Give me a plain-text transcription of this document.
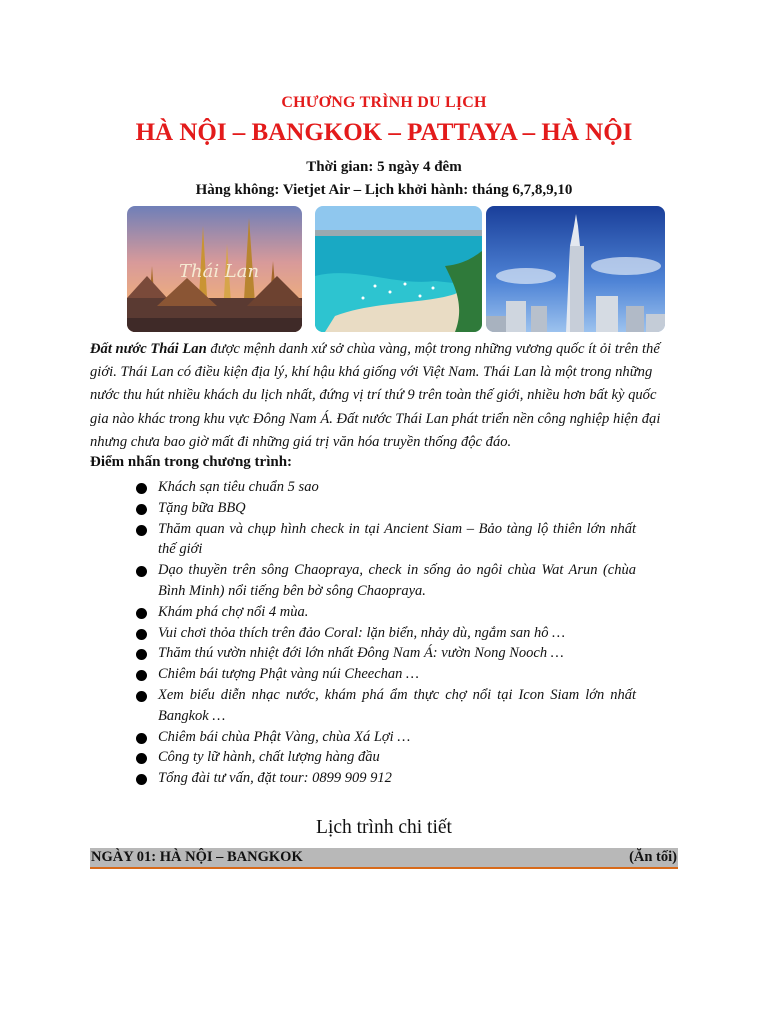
CHƯƠNG TRÌNH DU LỊCH
HÀ NỘI – BANGKOK – PATTAYA – HÀ NỘI
Thời gian: 5 ngày 4 đêm
Hàng không: Vietjet Air – Lịch khởi hành: tháng 6,7,8,9,10
Thái Lan
Đất nước Thái Lan được mệnh danh xứ sở chùa vàng, một trong những vương quốc ít ỏi trên thế giới. Thái Lan có điều kiện địa lý, khí hậu khá giống với Việt Nam. Thái Lan là một trong những nước thu hút nhiều khách du lịch nhất, đứng vị trí thứ 9 trên toàn thế giới, nhiều hơn bất kỳ quốc gia nào khác trong khu vực Đông Nam Á. Đất nước Thái Lan phát triển nền công nghiệp hiện đại nhưng chưa bao giờ mất đi những giá trị văn hóa truyền thống độc đáo.
Điểm nhấn trong chương trình:
Khách sạn tiêu chuẩn 5 sao
Tặng bữa BBQ
Thăm quan và chụp hình check in tại Ancient Siam – Bảo tàng lộ thiên lớn nhất thế giới
Dạo thuyền trên sông Chaopraya, check in sống ảo ngôi chùa Wat Arun (chùa Bình Minh) nổi tiếng bên bờ sông Chaopraya.
Khám phá chợ nổi 4 mùa.
Vui chơi thỏa thích trên đảo Coral: lặn biển, nhảy dù, ngắm san hô …
Thăm thú vườn nhiệt đới lớn nhất Đông Nam Á: vườn Nong Nooch …
Chiêm bái tượng Phật vàng núi Cheechan …
Xem biểu diễn nhạc nước, khám phá ẩm thực chợ nổi tại Icon Siam lớn nhất Bangkok …
Chiêm bái chùa Phật Vàng, chùa Xá Lợi …
Công ty lữ hành, chất lượng hàng đầu
Tổng đài tư vấn, đặt tour: 0899 909 912
Lịch trình chi tiết
NGÀY 01: HÀ NỘI – BANGKOK	(Ăn tối)
